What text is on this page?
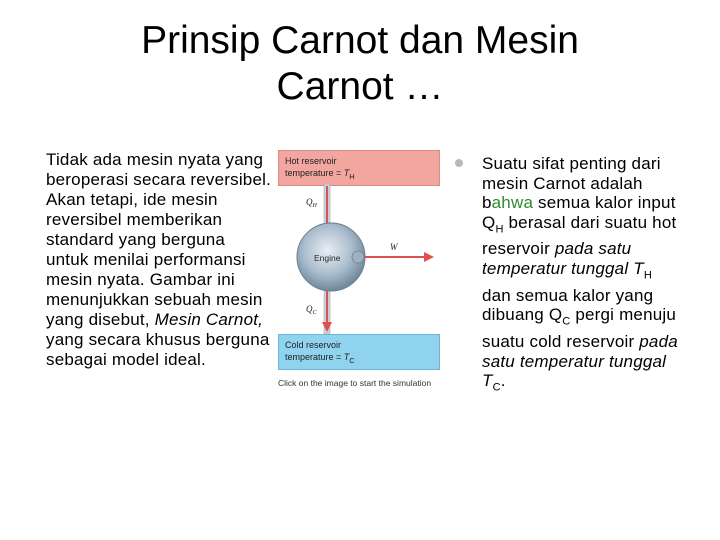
Prinsip Carnot dan Mesin
Carnot …
Tidak ada mesin nyata yang beroperasi secara reversibel. Akan tetapi, ide mesin reversibel memberikan standard yang berguna untuk menilai performansi mesin nyata. Gambar ini menunjukkan sebuah mesin yang disebut, Mesin Carnot, yang secara khusus berguna sebagai model ideal.
Hot reservoir
temperature = $T_H$
Cold reservoir
temperature = $T_C$
Engine
$Q_H$
$Q_C$
W
Click on the image to start the simulation
Suatu sifat penting dari mesin Carnot adalah bahwa semua kalor input $Q_H$ berasal dari suatu hot reservoir pada satu temperatur tunggal $T_H$ dan semua kalor yang dibuang $Q_C$ pergi menuju suatu cold reservoir pada satu temperatur tunggal $T_C$.
